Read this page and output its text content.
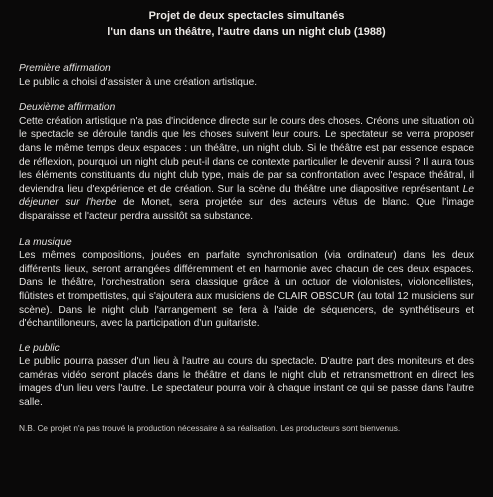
Projet de deux spectacles simultanés
l'un dans un théâtre, l'autre dans un night club (1988)

Première affirmation

Le public a choisi d'assister à une création artistique.

Deuxième affirmation

Cette création artistique n'a pas d'incidence directe sur le cours des choses. Créons une situation où le spectacle se déroule tandis que les choses suivent leur cours. Le spectateur se verra proposer dans le même temps deux espaces : un théâtre, un night club. Si le théâtre est par essence espace de réflexion, pourquoi un night club peut-il dans ce contexte particulier le devenir aussi ? Il aura tous les éléments constituants du night club type, mais de par sa confrontation avec l'espace théâtral, il deviendra lieu d'expérience et de création. Sur la scène du théâtre une diapositive représentant Le déjeuner sur l'herbe de Monet, sera projetée sur des acteurs vêtus de blanc. Que l'image disparaisse et l'acteur perdra aussitôt sa substance.

La musique

Les mêmes compositions, jouées en parfaite synchronisation (via ordinateur) dans les deux différents lieux, seront arrangées différemment et en harmonie avec chacun de ces deux espaces. Dans le théâtre, l'orchestration sera classique grâce à un octuor de violonistes, violoncellistes, flûtistes et trompettistes, qui s'ajoutera aux musiciens de CLAIR OBSCUR (au total 12 musiciens sur scène). Dans le night club l'arrangement se fera à l'aide de séquencers, de synthétiseurs et d'échantilloneurs, avec la participation d'un guitariste.

Le public

Le public pourra passer d'un lieu à l'autre au cours du spectacle. D'autre part des moniteurs et des caméras vidéo seront placés dans le théâtre et dans le night club et retransmettront en direct les images d'un lieu vers l'autre. Le spectateur pourra voir à chaque instant ce qui se passe dans l'autre salle.

N.B. Ce projet n'a pas trouvé la production nécessaire à sa réalisation. Les producteurs sont bienvenus.
